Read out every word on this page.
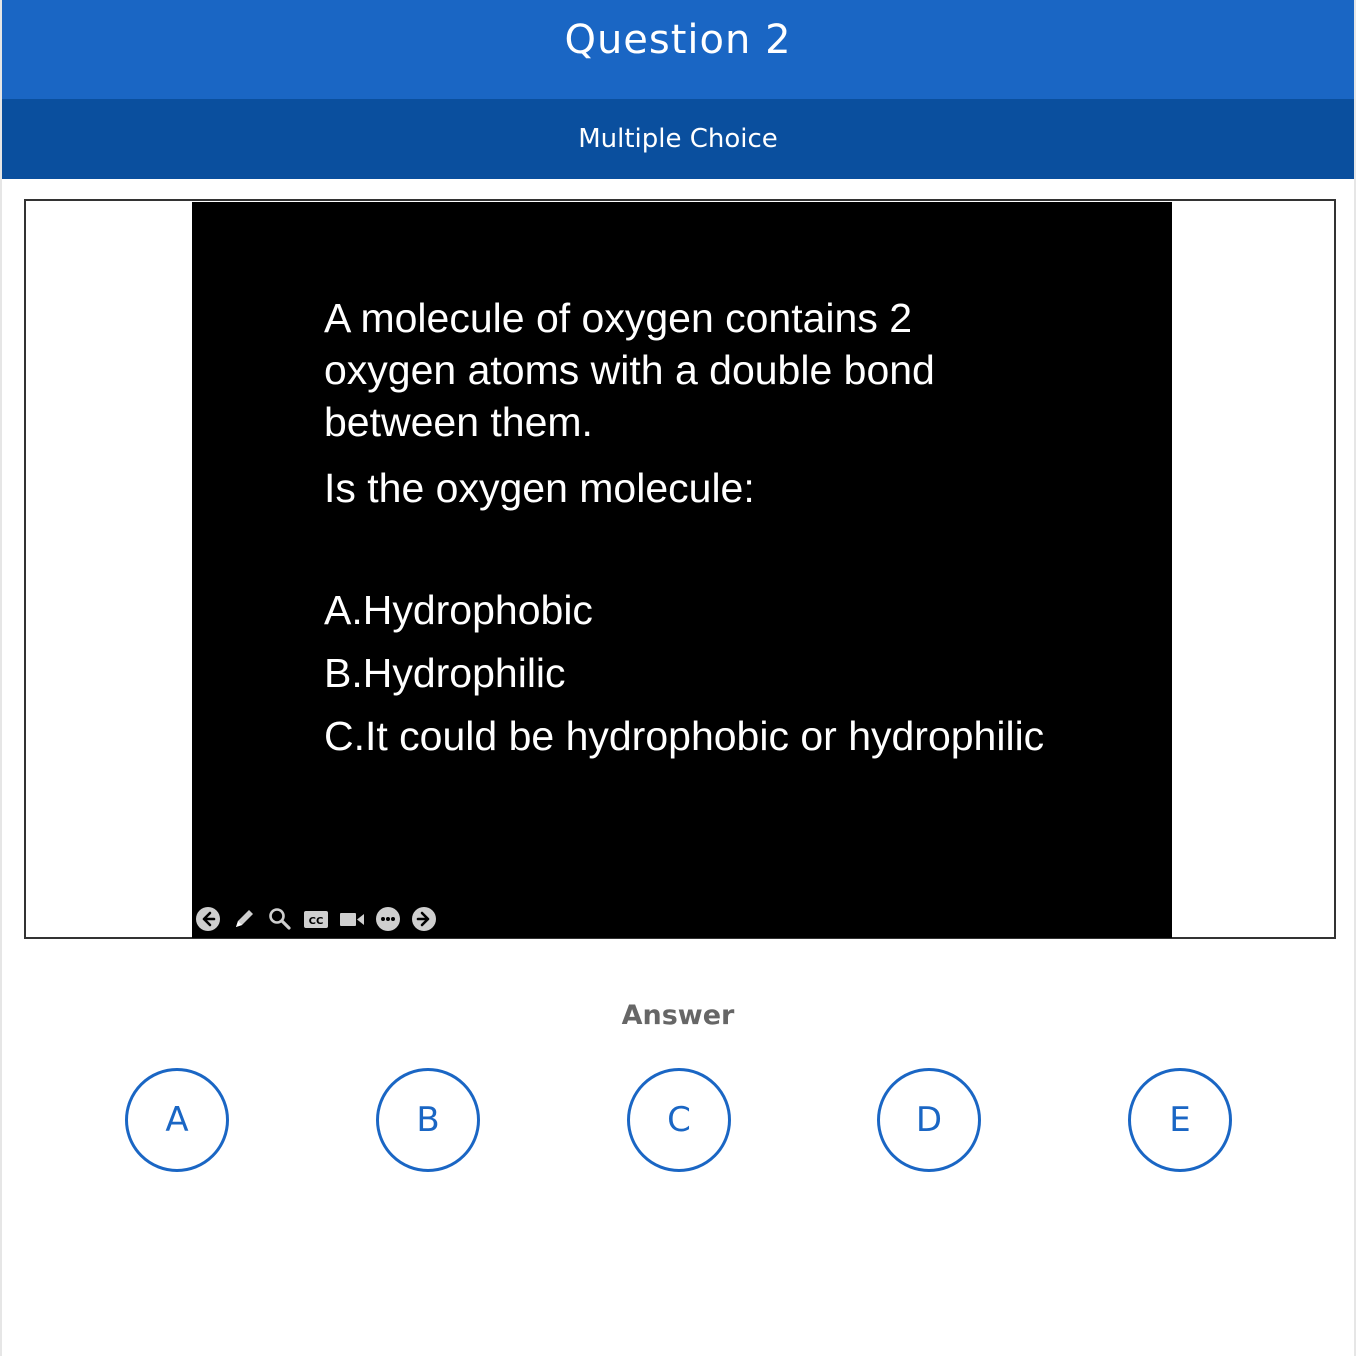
Question 2
Multiple Choice
A molecule of oxygen contains 2
oxygen atoms with a double bond
between them.
Is the oxygen molecule:
A.Hydrophobic
B.Hydrophilic
C.It could be hydrophobic or hydrophilic
CC
Answer
A	B	C	D	E
